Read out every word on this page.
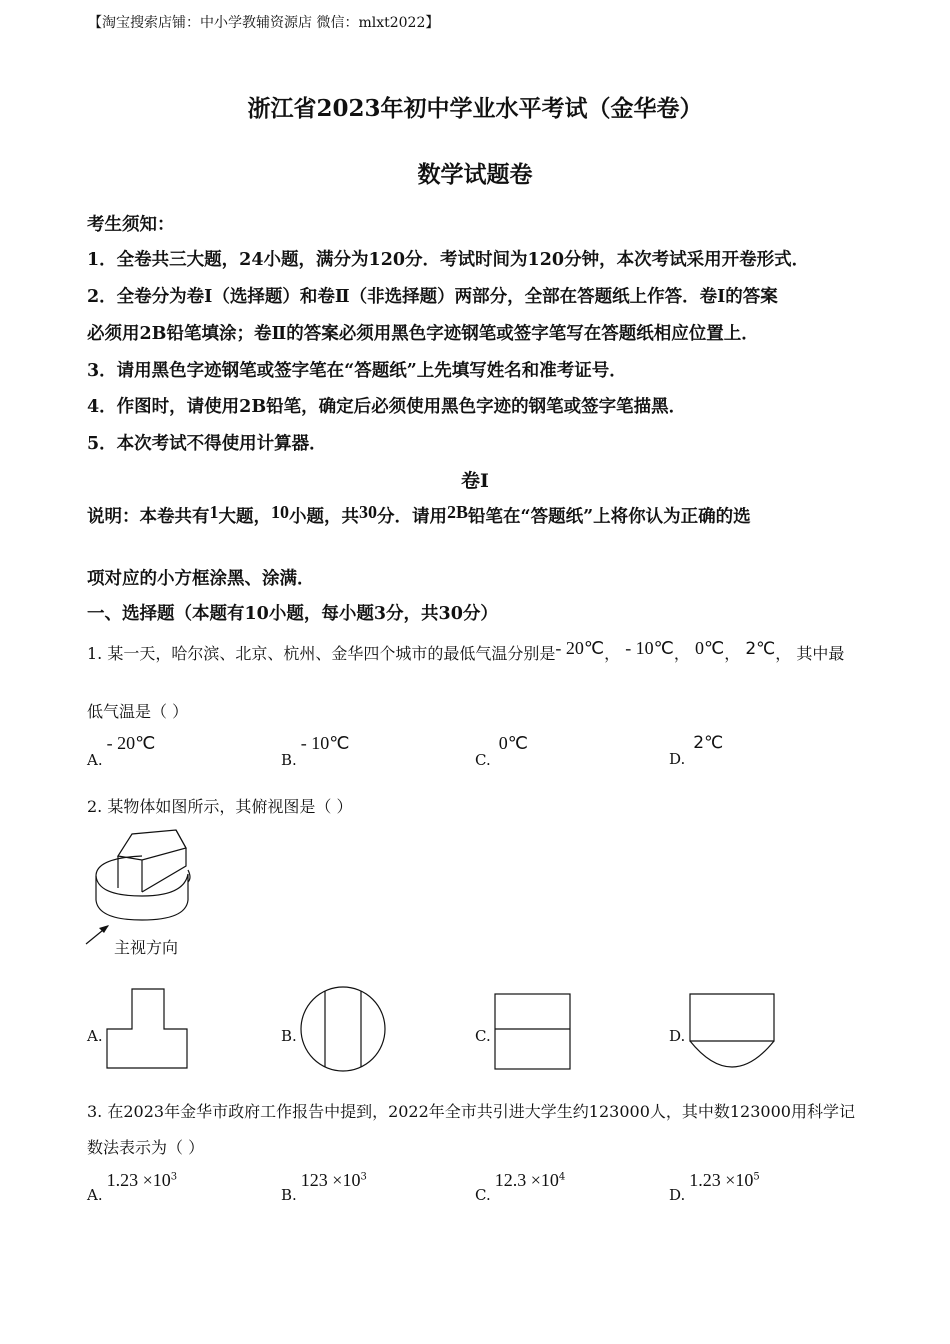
【淘宝搜索店铺：中小学教辅资源店 微信：mlxt2022】
浙江省2023年初中学业水平考试（金华卷）
数学试题卷
考生须知：
1．全卷共三大题，24小题，满分为120分．考试时间为120分钟，本次考试采用开卷形式．
2．全卷分为卷Ⅰ（选择题）和卷Ⅱ（非选择题）两部分，全部在答题纸上作答．卷Ⅰ的答案
必须用2B铅笔填涂；卷Ⅱ的答案必须用黑色字迹钢笔或签字笔写在答题纸相应位置上．
3．请用黑色字迹钢笔或签字笔在“答题纸”上先填写姓名和准考证号．
4．作图时，请使用2B铅笔，确定后必须使用黑色字迹的钢笔或签字笔描黑．
5．本次考试不得使用计算器．
卷Ⅰ
说明：本卷共有1大题，10小题，共30分．请用2B铅笔在“答题纸”上将你认为正确的选
项对应的小方框涂黑、涂满．
一、选择题（本题有10小题，每小题3分，共30分）
1. 某一天，哈尔滨、北京、杭州、金华四个城市的最低气温分别是- 20℃， - 10℃， 0℃， 2℃， 其中最
低气温是（ ）
A.- 20℃
B.- 10℃
C.0℃
D.2℃
2. 某物体如图所示，其俯视图是（ ）
主视方向
A.	B.	C.	D.
3. 在2023年金华市政府工作报告中提到，2022年全市共引进大学生约123000人，其中数123000用科学记
数法表示为（ ）
$A.1.23 \times 10^3$
$B.123 \times 10^3$
$C.12.3 \times 10^4$
$D.1.23 \times 10^5$
